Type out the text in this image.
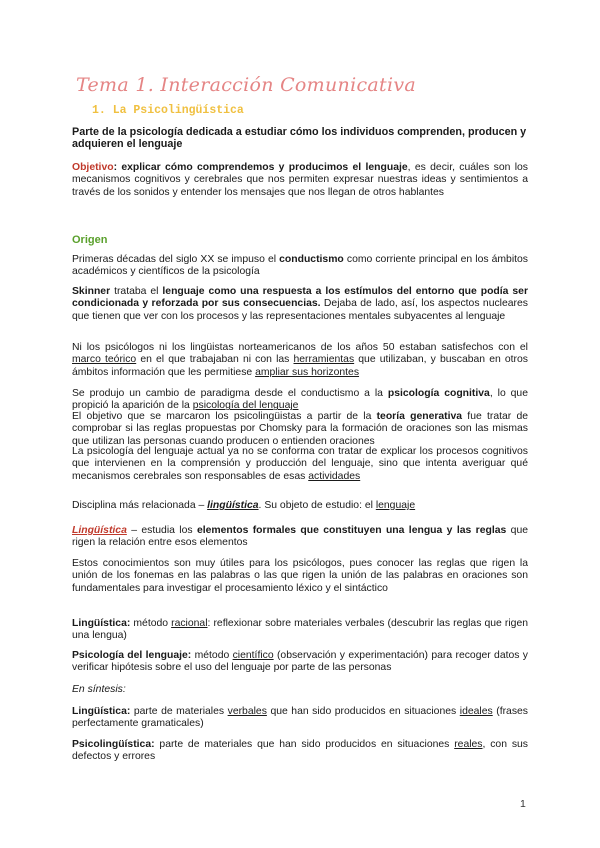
Tema 1. Interacción Comunicativa
1. La Psicolingüística

Parte de la psicología dedicada a estudiar cómo los individuos comprenden, producen y adquieren el lenguaje

Objetivo: explicar cómo comprendemos y producimos el lenguaje, es decir, cuáles son los mecanismos cognitivos y cerebrales que nos permiten expresar nuestras ideas y sentimientos a través de los sonidos y entender los mensajes que nos llegan de otros hablantes

Origen

Primeras décadas del siglo XX se impuso el conductismo como corriente principal en los ámbitos académicos y científicos de la psicología

Skinner trataba el lenguaje como una respuesta a los estímulos del entorno que podía ser condicionada y reforzada por sus consecuencias. Dejaba de lado, así, los aspectos nucleares que tienen que ver con los procesos y las representaciones mentales subyacentes al lenguaje

Ni los psicólogos ni los lingüistas norteamericanos de los años 50 estaban satisfechos con el marco teórico en el que trabajaban ni con las herramientas que utilizaban, y buscaban en otros ámbitos información que les permitiese ampliar sus horizontes

Se produjo un cambio de paradigma desde el conductismo a la psicología cognitiva, lo que propició la aparición de la psicología del lenguaje

El objetivo que se marcaron los psicolingüistas a partir de la teoría generativa fue tratar de comprobar si las reglas propuestas por Chomsky para la formación de oraciones son las mismas que utilizan las personas cuando producen o entienden oraciones

La psicología del lenguaje actual ya no se conforma con tratar de explicar los procesos cognitivos que intervienen en la comprensión y producción del lenguaje, sino que intenta averiguar qué mecanismos cerebrales son responsables de esas actividades

Disciplina más relacionada – lingüística. Su objeto de estudio: el lenguaje

Lingüística – estudia los elementos formales que constituyen una lengua y las reglas que rigen la relación entre esos elementos

Estos conocimientos son muy útiles para los psicólogos, pues conocer las reglas que rigen la unión de los fonemas en las palabras o las que rigen la unión de las palabras en oraciones son fundamentales para investigar el procesamiento léxico y el sintáctico

Lingüística: método racional: reflexionar sobre materiales verbales (descubrir las reglas que rigen una lengua)

Psicología del lenguaje: método científico (observación y experimentación) para recoger datos y verificar hipótesis sobre el uso del lenguaje por parte de las personas

En síntesis:

Lingüística: parte de materiales verbales que han sido producidos en situaciones ideales (frases perfectamente gramaticales)

Psicolingüística: parte de materiales que han sido producidos en situaciones reales, con sus defectos y errores

1
